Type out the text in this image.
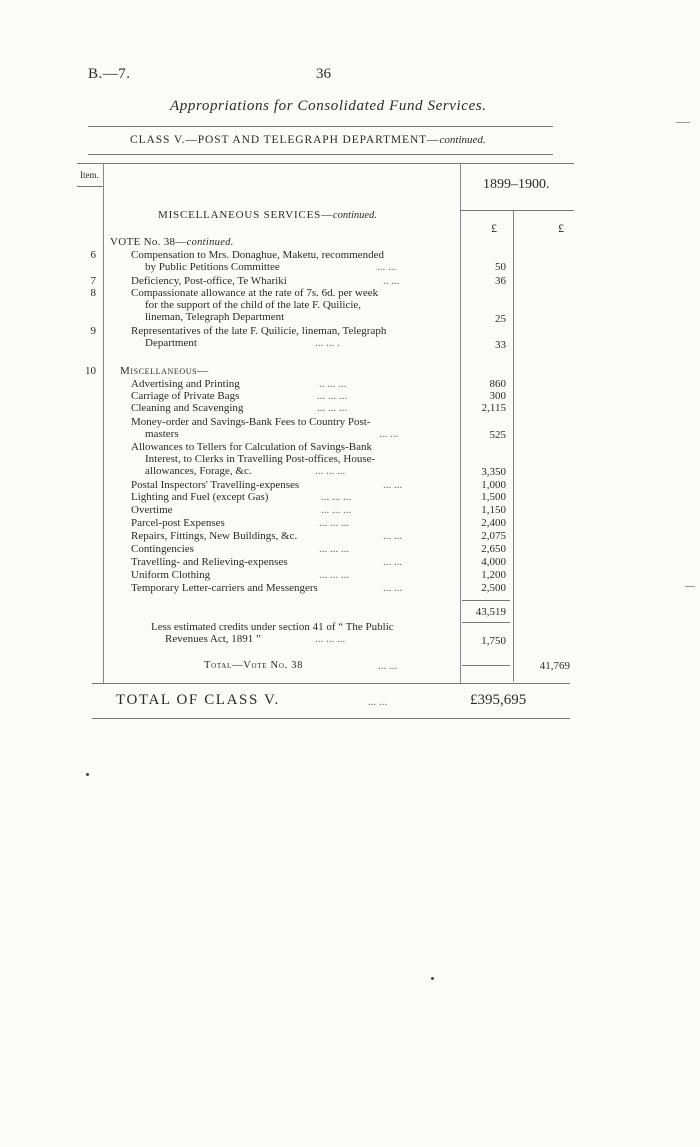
B.—7.	36
Appropriations for Consolidated Fund Services.
CLASS V.—POST AND TELEGRAPH DEPARTMENT—continued.
Item.
1899–1900.
MISCELLANEOUS SERVICES—continued.
£	£
VOTE No. 38—continued.
6	Compensation to Mrs. Donaghue, Maketu, recommended
by Public Petitions Committee	... ...	50
7	Deficiency, Post-office, Te Whariki	.. ...	36
8	Compassionate allowance at the rate of 7s. 6d. per week
for the support of the child of the late F. Quilicie,
lineman, Telegraph Department	25
9	Representatives of the late F. Quilicie, lineman, Telegraph
Department	... ... .	33
10 Miscellaneous—
Advertising and Printing	.. ... ...	860
Carriage of Private Bags	... ... ...	300
Cleaning and Scavenging	... ... ...	2,115
Money-order and Savings-Bank Fees to Country Post-
masters	... ...	525
Allowances to Tellers for Calculation of Savings-Bank
Interest, to Clerks in Travelling Post-offices, House-
allowances, Forage, &c.	... ... ...	3,350
Postal Inspectors' Travelling-expenses	... ...	1,000
Lighting and Fuel (except Gas)	... ... ...	1,500
Overtime	... ... ...	1,150
Parcel-post Expenses	... ... ...	2,400
Repairs, Fittings, New Buildings, &c.	... ...	2,075
Contingencies	... ... ...	2,650
Travelling- and Relieving-expenses	... ...	4,000
Uniform Clothing	... ... ...	1,200
Temporary Letter-carriers and Messengers	... ...	2,500
43,519
Less estimated credits under section 41 of “ The Public
Revenues Act, 1891 ”	... ... ...	1,750
Total—Vote No. 38	... ...	41,769
TOTAL OF CLASS V.	... ...	£395,695
